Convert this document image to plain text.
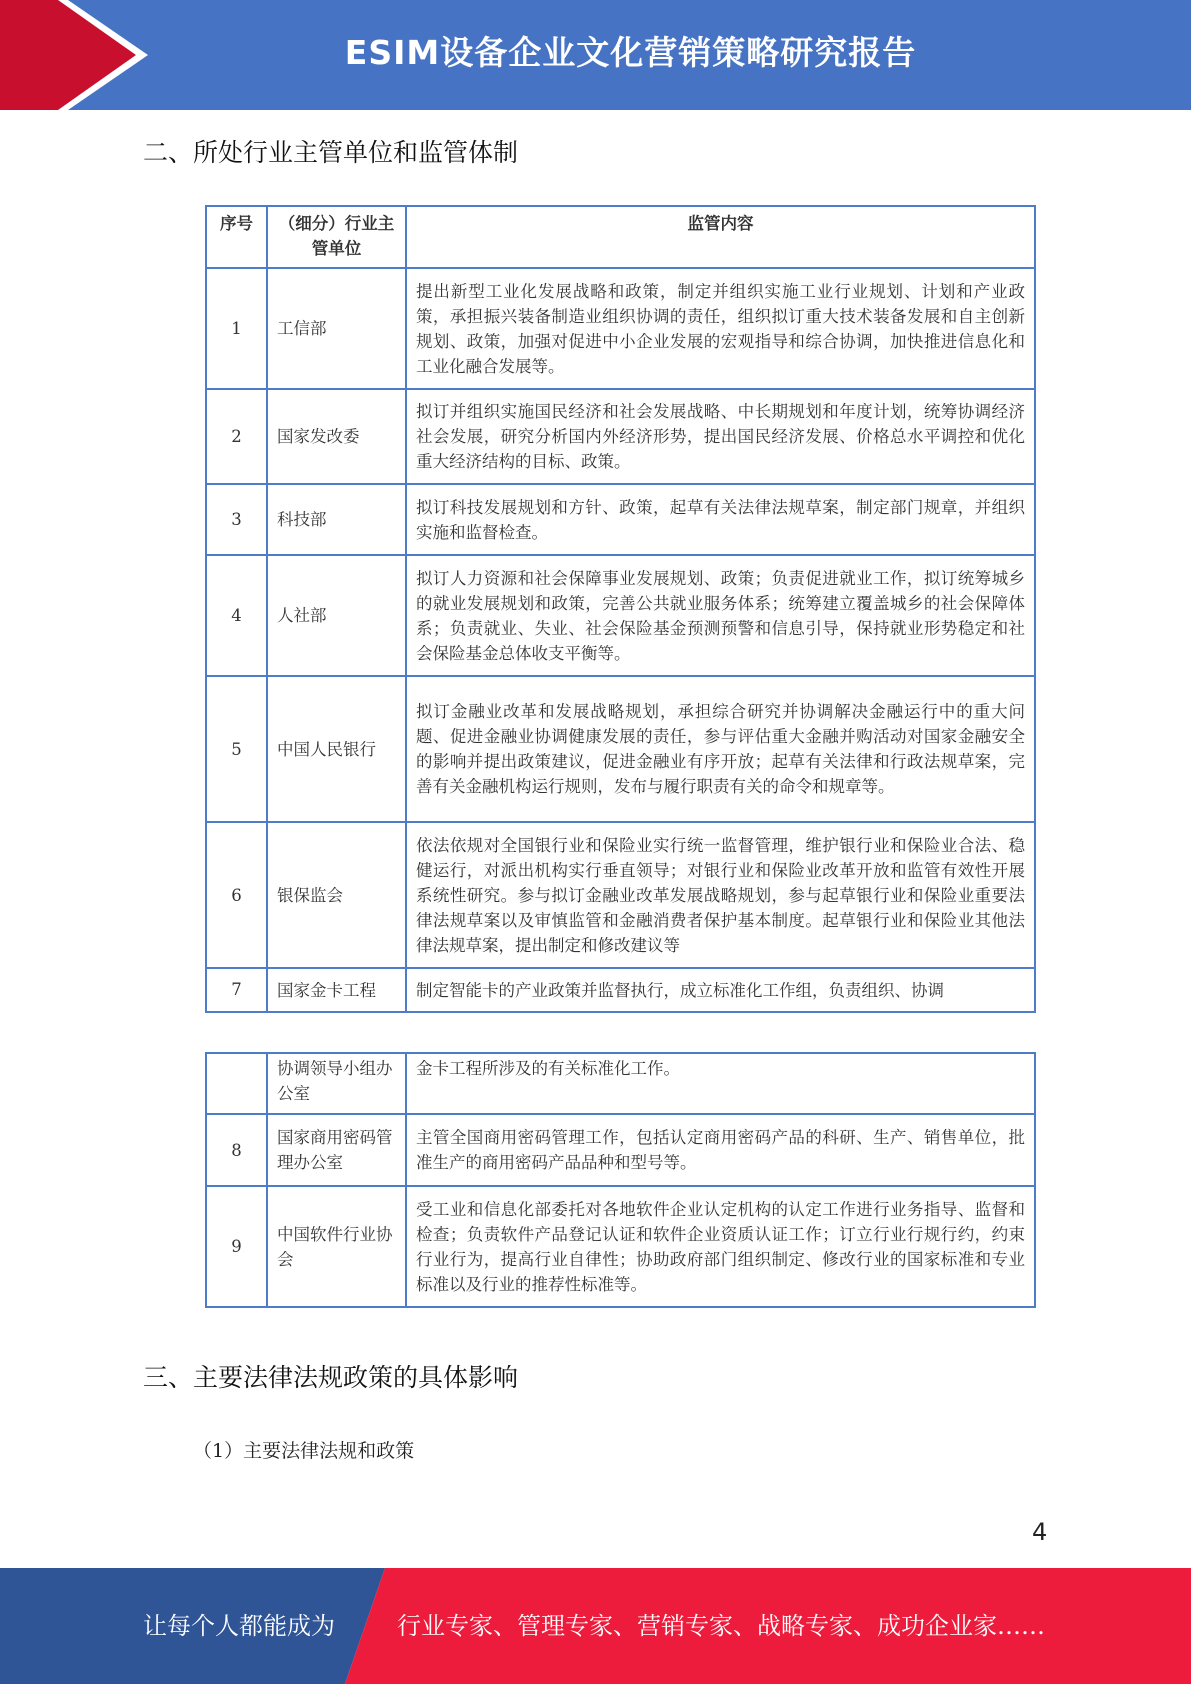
ESIM设备企业文化营销策略研究报告
二、所处行业主管单位和监管体制
序号	（细分）行业主管单位	监管内容
1	工信部	提出新型工业化发展战略和政策，制定并组织实施工业行业规划、计划和产业政策，承担振兴装备制造业组织协调的责任，组织拟订重大技术装备发展和自主创新规划、政策，加强对促进中小企业发展的宏观指导和综合协调，加快推进信息化和工业化融合发展等。
2	国家发改委	拟订并组织实施国民经济和社会发展战略、中长期规划和年度计划，统筹协调经济社会发展，研究分析国内外经济形势，提出国民经济发展、价格总水平调控和优化重大经济结构的目标、政策。
3	科技部	拟订科技发展规划和方针、政策，起草有关法律法规草案，制定部门规章，并组织实施和监督检查。
4	人社部	拟订人力资源和社会保障事业发展规划、政策；负责促进就业工作，拟订统筹城乡的就业发展规划和政策，完善公共就业服务体系；统筹建立覆盖城乡的社会保障体系；负责就业、失业、社会保险基金预测预警和信息引导，保持就业形势稳定和社会保险基金总体收支平衡等。
5	中国人民银行	拟订金融业改革和发展战略规划，承担综合研究并协调解决金融运行中的重大问题、促进金融业协调健康发展的责任，参与评估重大金融并购活动对国家金融安全的影响并提出政策建议，促进金融业有序开放；起草有关法律和行政法规草案，完善有关金融机构运行规则，发布与履行职责有关的命令和规章等。
6	银保监会	依法依规对全国银行业和保险业实行统一监督管理，维护银行业和保险业合法、稳健运行，对派出机构实行垂直领导；对银行业和保险业改革开放和监管有效性开展系统性研究。参与拟订金融业改革发展战略规划，参与起草银行业和保险业重要法律法规草案以及审慎监管和金融消费者保护基本制度。起草银行业和保险业其他法律法规草案，提出制定和修改建议等
7	国家金卡工程	制定智能卡的产业政策并监督执行，成立标准化工作组，负责组织、协调
	协调领导小组办公室	金卡工程所涉及的有关标准化工作。
8	国家商用密码管理办公室	主管全国商用密码管理工作，包括认定商用密码产品的科研、生产、销售单位，批准生产的商用密码产品品种和型号等。
9	中国软件行业协会	受工业和信息化部委托对各地软件企业认定机构的认定工作进行业务指导、监督和检查；负责软件产品登记认证和软件企业资质认证工作；订立行业行规行约，约束行业行为，提高行业自律性；协助政府部门组织制定、修改行业的国家标准和专业标准以及行业的推荐性标准等。
三、主要法律法规政策的具体影响
（1）主要法律法规和政策
4
让每个人都能成为	行业专家、管理专家、营销专家、战略专家、成功企业家……
